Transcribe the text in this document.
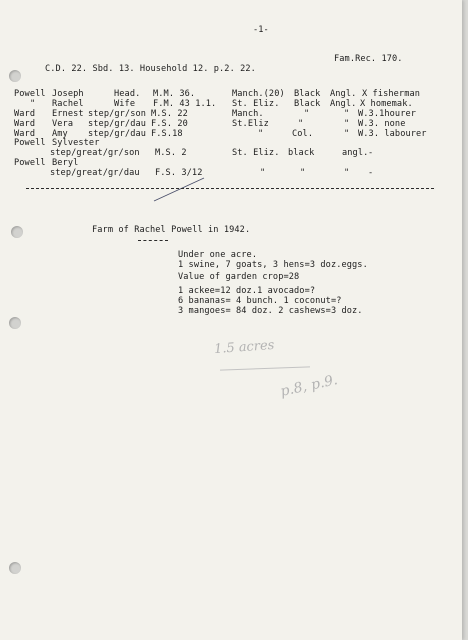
-1-
Fam.Rec. 170.
C.D. 22. Sbd. 13. Household 12. p.2. 22.
Powell Joseph	Head. M.M. 36.	Manch.(20) Black Angl. X fisherman
" Rachel	Wife F.M. 43 1.1. St. Eliz. Black Angl. X homemak.
Ward Ernest step/gr/son M.S. 22	Manch.	"	" W.3.1hourer
Ward Vera step/gr/dau F.S. 20	St.Eliz	"	" W.3. none
Ward Amy step/gr/dau F.S.18	"	Col.	" W.3. labourer
Powell Sylvester
step/great/gr/son M.S. 2	St. Eliz. black	angl. -
Powell Beryl
step/great/gr/dau F.S. 3/12	"	"	" -
Farm of Rachel Powell in 1942.
Under one acre.
1 swine, 7 goats, 3 hens=3 doz.eggs.
Value of garden crop=28
1 ackee=12 doz.1 avocado=?
6 bananas= 4 bunch. 1 coconut=?
3 mangoes= 84 doz. 2 cashews=3 doz.
1.5 acres
p.8, p.9.
